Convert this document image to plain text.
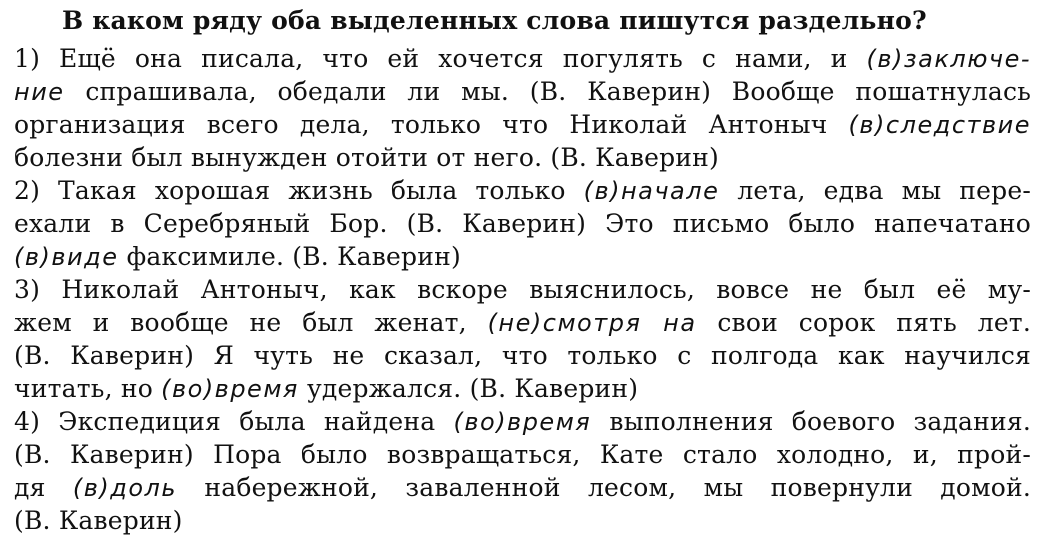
В каком ряду оба выделенных слова пишутся раздельно?
1) Ещё она писала, что ей хочется погулять с нами, и (в)заключе-
ние спрашивала, обедали ли мы. (В. Каверин) Вообще пошатнулась
организация всего дела, только что Николай Антоныч (в)следствие
болезни был вынужден отойти от него. (В. Каверин)
2) Такая хорошая жизнь была только (в)начале лета, едва мы пере-
ехали в Серебряный Бор. (В. Каверин) Это письмо было напечатано
(в)виде факсимиле. (В. Каверин)
3) Николай Антоныч, как вскоре выяснилось, вовсе не был её му-
жем и вообще не был женат, (не)смотря на свои сорок пять лет.
(В. Каверин) Я чуть не сказал, что только с полгода как научился
читать, но (во)время удержался. (В. Каверин)
4) Экспедиция была найдена (во)время выполнения боевого задания.
(В. Каверин) Пора было возвращаться, Кате стало холодно, и, прой-
дя (в)доль набережной, заваленной лесом, мы повернули домой.
(В. Каверин)
